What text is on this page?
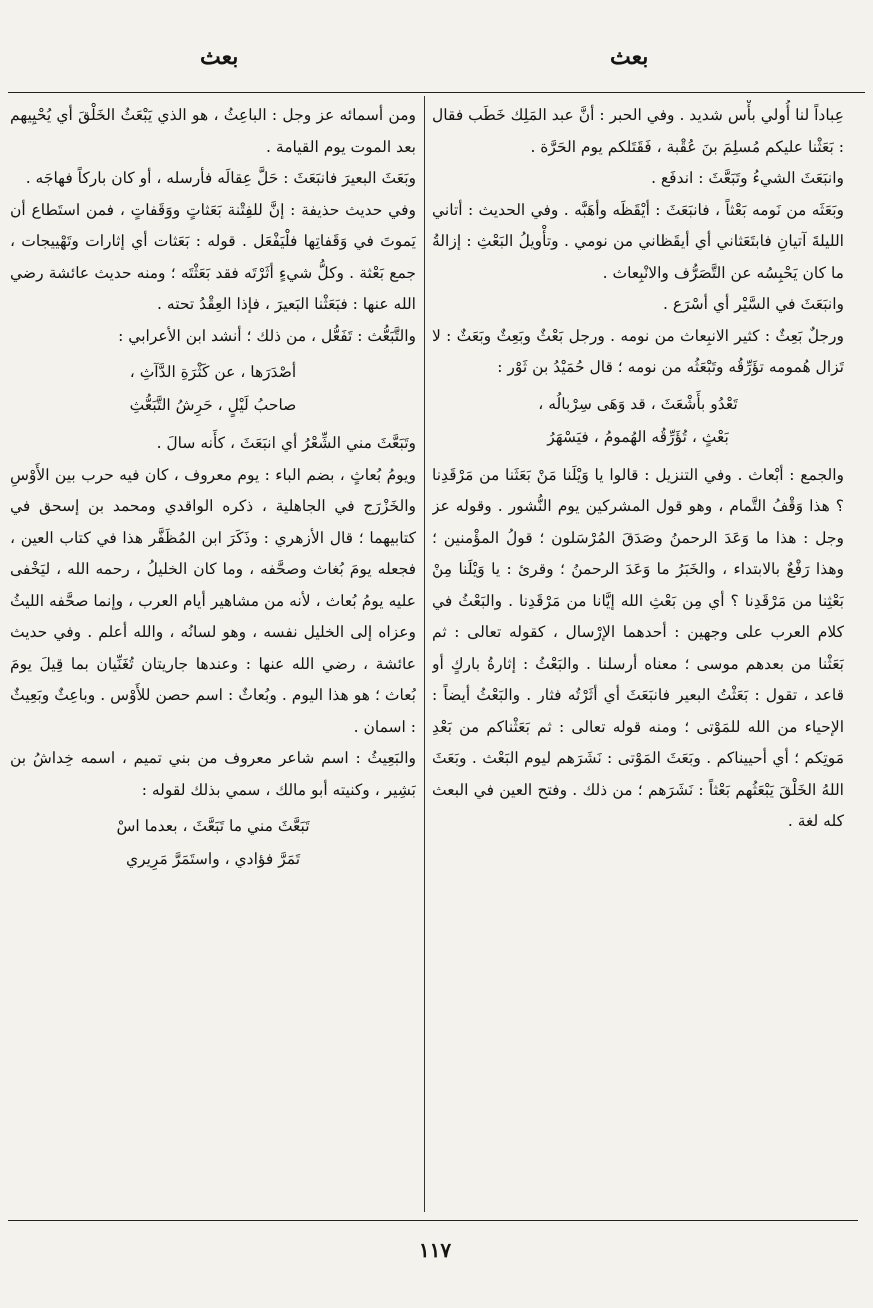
بعث	بعث

عِباداً لنا أُولي بأْس شديد . وفي الحبر : أنَّ عبد المَلِك خَطَب فقال : بَعَثْنا عليكم مُسلِمَ بنَ عُقْبة ، فَقَتَلكم يوم الحَرَّة .

وانبَعَثَ الشيءُ وتَبَعَّثَ : اندفَع .

وبَعَثَه من نَومه بَعْثاً ، فانبَعَثَ : أيْقَظَه وأهَبَّه . وفي الحديث : أتاني الليلةَ آتيانِ فابتَعَثاني أي أيقَظاني من نومي . وتأْويلُ البَعْثِ : إزالةُ ما كان يَحْبِسُه عن التَّصَرُّف والانْبِعاث .

وانبَعَثَ في السَّيْر أي أسْرَع .

ورجلٌ بَعِثٌ : كثير الانبِعاث من نومه . ورجل بَعْثٌ وبَعِثٌ وبَعَثٌ : لا تَزال هُمومه تؤَرِّقُه وتَبْعَثُه من نومه ؛ قال حُمَيْدُ بن ثَوْر :

تَعْدُو بأَشْعَثَ ، قد وَهَى سِرْبالُه ،
بَعْثٍ ، تُؤَرِّقُه الهُمومُ ، فيَسْهَرُ

والجمع : أبْعاث . وفي التنزيل : قالوا يا وَيْلَنا مَنْ بَعَثَنا من مَرْقَدِنا ؟ هذا وَقْفُ التَّمام ، وهو قول المشركين يوم النُّشور . وقوله عز وجل : هذا ما وَعَدَ الرحمنُ وصَدَقَ المُرْسَلون ؛ قولُ المؤْمنين ؛ وهذا رَفْعٌ بالابتداء ، والخَبَرُ ما وَعَدَ الرحمنُ ؛ وقرئ : يا وَيْلَنا مِنْ بَعْثِنا من مَرْقَدِنا ؟ أي مِن بَعْثِ الله إيَّانا من مَرْقَدِنا . والبَعْثُ في كلام العرب على وجهين : أحدهما الإرْسال ، كقوله تعالى : ثم بَعَثْنا من بعدهم موسى ؛ معناه أرسلنا . والبَعْثُ : إثارةُ باركٍ أو قاعد ، تقول : بَعَثْتُ البعير فانبَعَثَ أي أثَرْتُه فثار . والبَعْثُ أيضاً : الإحياء من الله للمَوْتى ؛ ومنه قوله تعالى : ثم بَعَثْناكم من بَعْدِ مَوتِكم ؛ أي أحييناكم . وبَعَثَ المَوْتى : نَشَرَهم ليوم البَعْث . وبَعَثَ اللهُ الخَلْقَ يَبْعَثُهم بَعْثاً : نَشَرَهم ؛ من ذلك . وفتح العين في البعث كله لغة .

ومن أسمائه عز وجل : الباعِثُ ، هو الذي يَبْعَثُ الخَلْقَ أي يُحْيِيهم بعد الموت يوم القيامة .

وبَعَثَ البعيرَ فانبَعَثَ : حَلَّ عِقالَه فأرسله ، أو كان باركاً فهاجَه .

وفي حديث حذيفة : إنَّ للفِتْنة بَعَثاتٍ ووَقَفاتٍ ، فمن استَطاع أن يَموتَ في وَقَفاتِها فلْيَفْعَل . قوله : بَعَثات أي إثارات وتَهْييجات ، جمع بَعْثة . وكلُّ شيءٍ أثَرْتَه فقد بَعَثْتَه ؛ ومنه حديث عائشة رضي الله عنها : فبَعَثْنا البَعيرَ ، فإذا العِقْدُ تحته .

والتَّبَعُّث : تَفَعُّل ، من ذلك ؛ أنشد ابن الأعرابي :

أصْدَرَها ، عن كَثْرَةِ الدَّآثِ ،
صاحبُ لَيْلٍ ، حَرِشُ التَّبَعُّثِ

وتَبَعَّثَ مني الشِّعْرُ أي انبَعَثَ ، كأَنه سالَ .

ويومُ بُعاثٍ ، بضم الباء : يوم معروف ، كان فيه حرب بين الأَوْسِ والخَزْرَج في الجاهلية ، ذكره الواقدي ومحمد بن إسحق في كتابيهما ؛ قال الأزهري : وذَكَرَ ابن المُظَفَّر هذا في كتاب العين ، فجعله يومَ بُغاث وصحَّفه ، وما كان الخليلُ ، رحمه الله ، ليَخْفى عليه يومُ بُعاث ، لأنه من مشاهير أيام العرب ، وإنما صحَّفه الليثُ وعزاه إلى الخليل نفسه ، وهو لسانُه ، والله أعلم . وفي حديث عائشة ، رضي الله عنها : وعندها جاريتان تُغَنِّيان بما قِيلَ يومَ بُعاث ؛ هو هذا اليوم . وبُعاثٌ : اسم حصن للأَوْس . وباعِثٌ وبَعِيثٌ : اسمان .

والبَعِيثُ : اسم شاعر معروف من بني تميم ، اسمه خِداشُ بن بَشِير ، وكنيته أبو مالك ، سمي بذلك لقوله :

تَبَعَّثَ مني ما تَبَعَّثَ ، بعدما اسْ
تَمَرَّ فؤادي ، واستَمَرَّ مَرِيري
١١٧
